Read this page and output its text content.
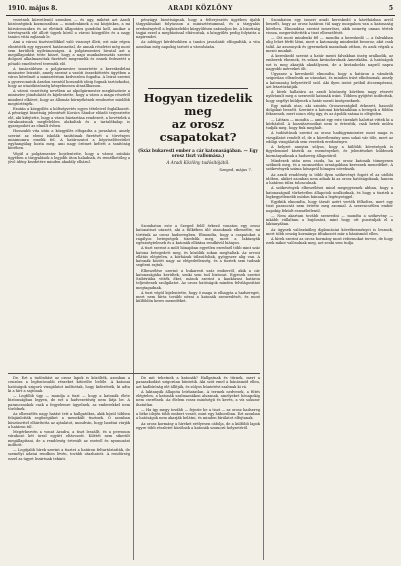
1910. május 8.	ARADI KÖZLÖNY	5

vezetnek közvetlenül szemben — és ugy, miként azt Aradi közönségünk kozmoszában — mindenkinek a mi közjónkra, a mi közvárosunkra és az életünk állapotára gondolni kell, amikor a törvényszék elé állott ügyek körül a városi közgyűlés és a nagy tanács vitái zajlanak le.

Ami a városi tisztviselőkkel való viszonyt illeti, ezt már régen elintézték egy egyszerű határozattal, de annak részletei még most sem kerültek nyilvánosságra. A polgármesteri hivatal azt a megállapodást tette közzé, hogy a napi munkabeosztás szerint dolgozó alkalmazottak fizetését megemelik és ennek fedezetét a pótadó emelésével teremtik elő.

A tanácsülésen a polgármester ismertette a kereskedelmi miniszter leiratát, amely szerint a vasúti összeköttetés ügyében a város kérelmét a minisztérium kedvezően fogadta. A leirat szerint a gyorsvonatok Aradon ezentúl hosszabb ideig fognak tartózkodni, hogy az utazóközönség kényelmesen átszállhasson.

A városi vezetőség nevében az alpolgármester megköszönte a miniszter jóindulatát és kijelentette, hogy a város a maga részéről mindent elkövet, hogy az állomás környékének rendezése mielőbb megtörténjék.

Ezután a közgyűlés a költségvetés egyes tételeivel foglalkozott. A pénzügyi bizottság jelentését Kovács Sándor előadó terjesztette elő, aki kifejtette, hogy a város háztartása rendezett, a bevételek a várakozásnak megfelelően alakultak és a tartalékalap is gyarapodott az elmúlt évben.

Hosszabb vita után a közgyűlés elfogadta a javaslatot, amely szerint az elemi iskolák tanítóinak fizetését a törvényes minimumra emelik fel. A határozatot a képviselőtestület egyhangúlag hozta meg, ami nagy örömet keltett a tanítóság körében.

Végül a polgármester bejelentette, hogy a városi színház ügyében a tárgyalások a legjobb úton haladnak, és remélhetőleg a jövő idény kezdetére minden akadály elhárul.

pénzügyi bizottságnak, hogy a felterjesztés ügyében újabb tárgyalásokat folytasson a minisztériummal, és a tárgyalás eredményéről a legközelebbi közgyűlésen számoljon be. A bizottság tagjai ezzel a megbízással eltávoztak, a közgyűlés pedig folytatta a napirendet.

Az adóügyi kérdésekben a tanács javaslatát elfogadták, a vita azonban még napokig tartott a városházán.

Hogyan tizedelik meg
az orosz csapatokat?
(Száz bukaresti ember a cár katonaságában. — Egy orosz tiszt vallomása.)
A Aradi Közlöny tudósítójától.
Szeged, május 7.

Szombaton este a Szeged felől érkező vonaton egy orosz katonatiszt utazott, aki a fülkében ülő utasoknak elbeszélte, mi történik az orosz hadseregben. Elmondta, hogy a csapatokat a ragályos betegségek tizedelik meg, mert a laktanyák egészségtelenek és a katonák ellátása rendkívül hiányos.

A tiszt szerint a múlt hónapban egyetlen ezrednél több mint száz katona betegedett meg, és közülük sokan meghaltak. Az orvosi ellátás elégtelen, a kórházak túlzsúfoltak, gyógyszer alig van. A katonák között nagy az elégedetlenség, és a tisztek sem tudnak segíteni rajtuk.

Elbeszélése szerint a bukaresti száz emberről, akik a cár katonaságába kerültek, senki sem tud biztosat. Egyesek szerint Szibériába vitték őket, mások szerint a kaukázusi határon teljesítenek szolgálatot. Az orosz hatóságok minden felvilágosítást megtagadnak.

A tiszt végül kijelentette, hogy ő maga is elhagyta a hadsereget, mert nem bírta tovább nézni a katonák szenvedését, és most külföldön keres menedéket.

Szombaton egy ismert aradi kereskedő a kávéházban arról beszélt, hogy az orosz határon túl nagy mozgalom van a katonaság körében. Elmondása szerint ismerősei, akik nemrég onnan tértek vissza, megerősítették a tiszt elbeszélését.

— Ott most mindenki fél — mondta a kereskedő — a falvakban alig lehet férfit látni, mert a katonaság mindenkit besoroz, akit csak talál. Az asszonyok és gyermekek maradnak otthon, és azok végzik a mezei munkát.

A kereskedő szerint a határ menti falvakban ínség uralkodik, az emberek éheznek, és sokan kivándorolnak Amerikába. A hatóságok ezt is meg akarják akadályozni, de a kivándorlás napról napra nagyobb mérveket ölt.

Ugyanez a kereskedő elmondta, hogy a határon a vámőrök szigorúan ellenőrzik az utasokat, és minden írást elkoboznak, amely a katonaság helyzetéről szól. Aki ilyen iratot próbál átcsempészni, azt letartóztatják.

A hírek hallatára az aradi közönség körében nagy részvét nyilvánult meg a szenvedő katonák iránt. Többen gyűjtést indítottak, hogy segélyt küldjenek a határ menti ínségeseknek.

Egy másik utas, aki szintén Oroszországból érkezett, hasonló dolgokat beszélt. Szerinte a katonai kórházakban a betegek a földön fekszenek, mert nincs elég ágy, és az ápolók száma is elégtelen.

— Láttam — mondta — amint egy este tizenkét halottat vittek ki a kórházból. A hozzátartozókat nem is értesítik, csak hetek múlva tudják meg, hogy fiuk meghalt.

A tudósítások szerint az orosz hadügyminiszter most maga is vizsgálatot rendelt el, de a közvélemény nem sokat vár tőle, mert az eddigi vizsgálatok sem vezettek eredményre.

A helyzet annyira súlyos, hogy a külföldi követségek is figyelemmel kísérik az eseményeket, és jelentéseket küldenek kormányaiknak a hadsereg állapotáról.

Mindezek után nem csoda, ha az orosz katonák tömegesen szöknek meg, és a szomszédos országokban keresnek menedéket. A szökevények száma hónapról hónapra növekszik.

Az aradi rendőrség is több ilyen szökevényt fogott el az utóbbi időben, akiket azonban nem adnak ki az orosz hatóságoknak, hanem a határon túlra toloncolnak.

A szökevények elbeszélései mind megegyeznek abban, hogy a katonaságnál tűrhetetlen állapotok uralkodnak, és hogy a tisztek a legkegyetlenebb módon bánnak a legénységgel.

Egyikük elmondta, hogy társát azért verték félholtra, mert egy tiszt parancsát nem értette meg azonnal. A szerencsétlen ember napokig feküdt eszméletlenül.

— Nem akartam tovább szenvedni — mondta a szökevény — inkább vállaltam a bujdosást, mint hogy ott pusztuljak el a laktanyában.

Az ügynek valószínűleg diplomáciai következményei is lesznek, mert több ország kormánya tiltakozott már a bánásmód ellen.

A hírek szerint az orosz kormány most reformokat tervez, de hogy ezek mikor valósulnak meg, azt senki sem tudja.

De. Ezt a tudósítást az orosz lapok is közölték, azonban a cenzúra a legfontosabb részeket kitörölte belőle. A katonai hatóságok szigorú vizsgálatot indítottak, hogy kiderítsék, ki adta ki a hírt a sajtónak.

— Legfőbb ügy — mondja a tiszt — hogy a katonák élete biztonságban legyen, de ezt a hadvezetőség nem látja be. A parancsnokok csak a fegyelemre ügyelnek, az emberekkel nem törődnek.

Az elbeszélés nagy hatást tett a hallgatókra, akik közül többen felajánlották segítségüket a menekült tisztnek. Ő azonban köszönettel elhárította az ajánlatot, mondván, hogy barátai várják a határon túl.

Megérkezvén a vonat Aradra, a tiszt leszállt, és a perronon várakozó két úrral együtt eltávozott. Kilétét nem sikerült megállapítani, de a rendőrség értesült az esetről és nyomozást indított.

— Legújabb hírek szerint a tisztet a határon feltartóztatták, de személyi adatai rendben lévén, tovább utazhatott. A rendőrség ezzel az ügyet lezártnak tekinti.

De mit tehetnek a katonák? Hallgatnak és tűrnek, mert a panaszkodást szigorúan büntetik. Aki szót emel a bánásmód ellen, azt hadbíróság elé állítják, és súlyos büntetést szabnak ki rá.

A laktanyák állapota leírhatatlan. A termek nedvesek, a fűtés elégtelen, a katonák szalmazsákon alszanak, amelyeket hónapokig nem cserélnek. Az élelem rossz minőségű és kevés, a víz sokszor ihatatlan.

— Ha így megy tovább — fejezte be a tiszt — az orosz hadsereg a béke idején több embert veszít, mint egy háborúban. Ezt azonban a hatóságok nem akarják belátni, és minden bírálatot elfojtanak.

Az orosz kormány a híreket erélyesen cáfolja, de a külföldi lapok egyre több részletet közölnek a katonák szomorú helyzetéről.
